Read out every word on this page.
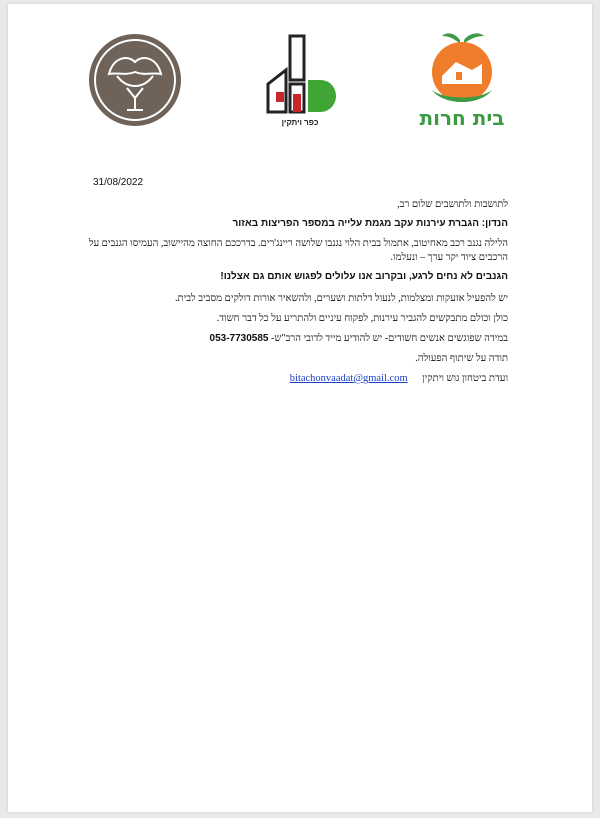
כפר ויתקין	בית חרות
31/08/2022
לתושבות ולתושבים שלום רב,
הנדון: הגברת עירנות עקב מגמת עלייה במספר הפריצות באזור
הלילה נגנב רכב מאחיטוב, אתמול בבית הלוי נגנבו שלושה ריינג'רים. בדרככם החוצה מהיישוב, העמיסו הגנבים על הרכבים ציוד יקר ערך – ונעלמו.
הגנבים לא נחים לרגע, ובקרוב אנו עלולים לפגוש אותם גם אצלנו!
יש להפעיל אזעקות ומצלמות, לנעול דלתות ושערים, ולהשאיר אורות דולקים מסביב לבית.
כולן וכולם מתבקשים להגביר עירנות, לפקוח עיניים ולהתריע על כל דבר חשוד.
במידה שפוגשים אנשים חשודים- יש להודיע מייד לדובי הרב"ש- 053-7730585
תודה על שיתוף הפעולה.
ועדת ביטחון גוש ויתקין bitachonvaadat@gmail.com
